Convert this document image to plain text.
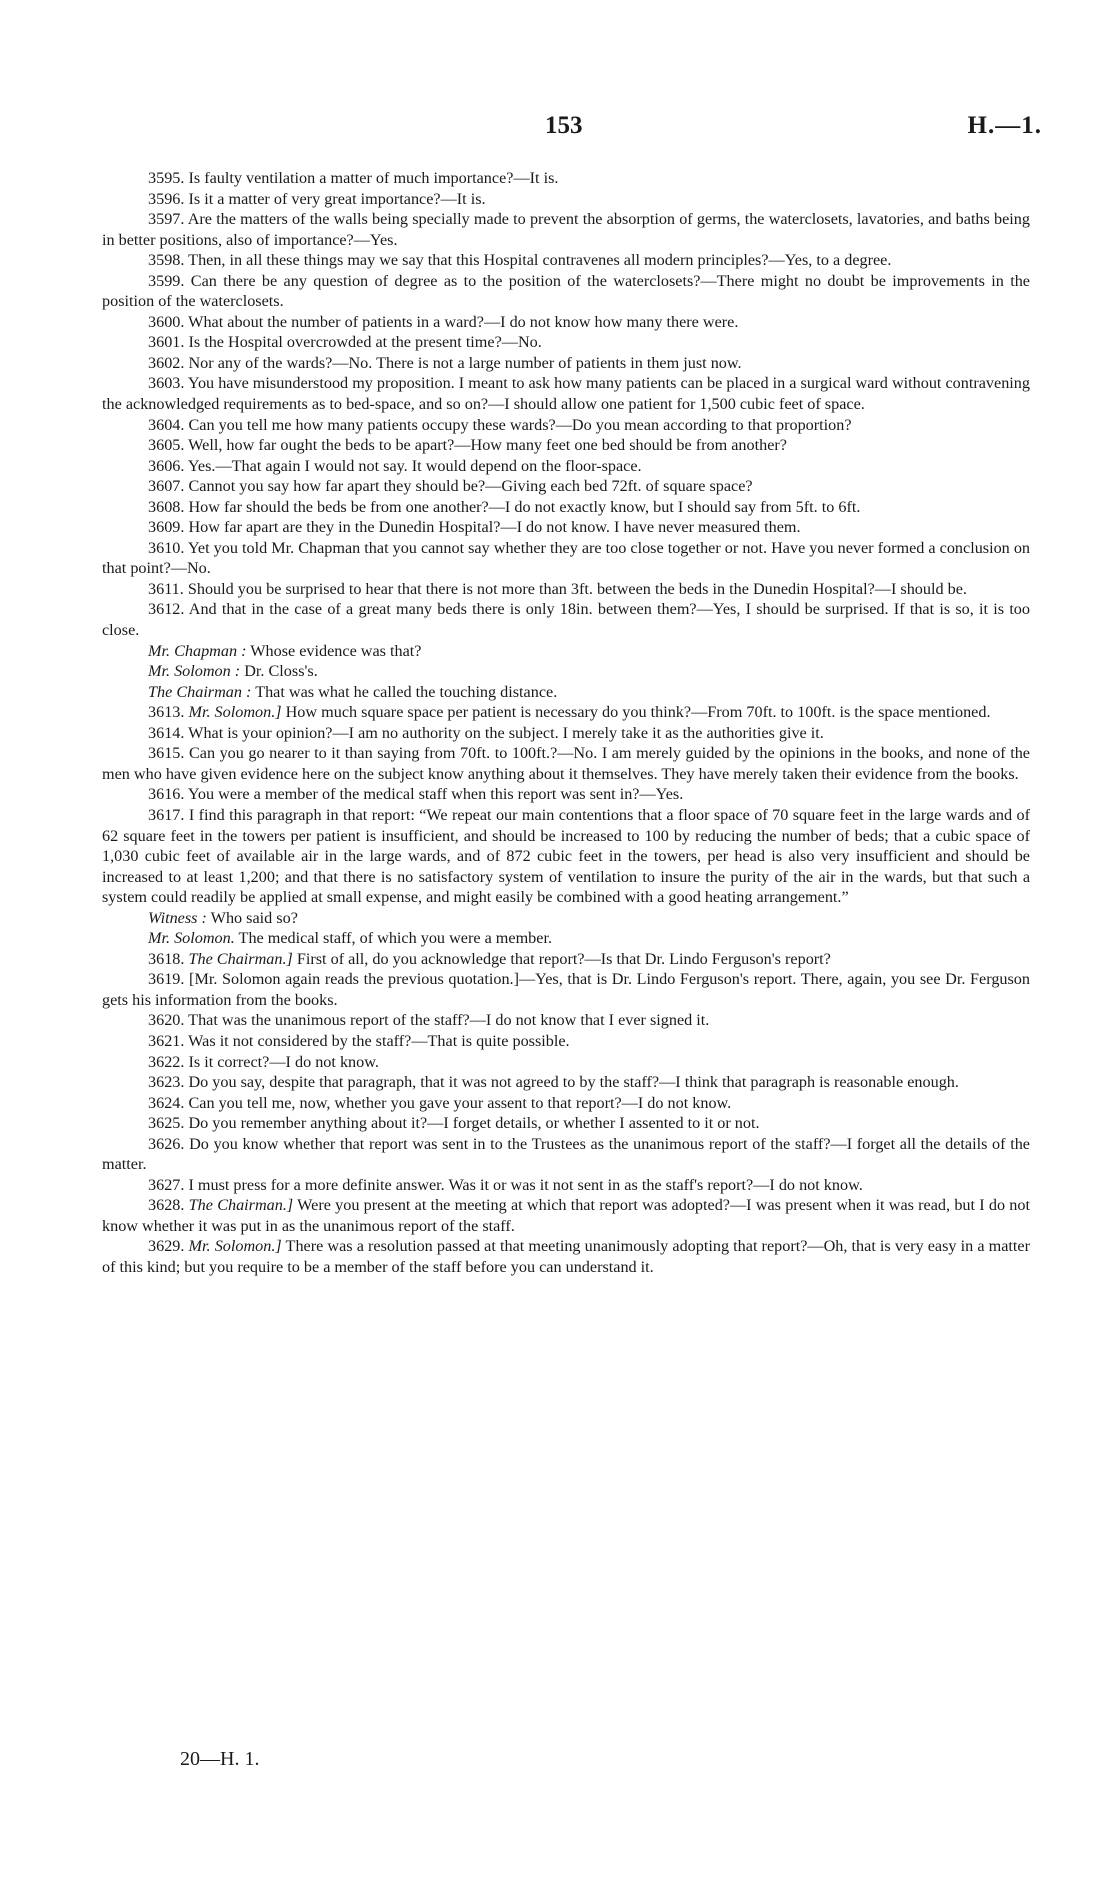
153	H.—1.

3595. Is faulty ventilation a matter of much importance?—It is.

3596. Is it a matter of very great importance?—It is.

3597. Are the matters of the walls being specially made to prevent the absorption of germs, the waterclosets, lavatories, and baths being in better positions, also of importance?—Yes.

3598. Then, in all these things may we say that this Hospital contravenes all modern principles?—Yes, to a degree.

3599. Can there be any question of degree as to the position of the waterclosets?—There might no doubt be improvements in the position of the waterclosets.

3600. What about the number of patients in a ward?—I do not know how many there were.

3601. Is the Hospital overcrowded at the present time?—No.

3602. Nor any of the wards?—No. There is not a large number of patients in them just now.

3603. You have misunderstood my proposition. I meant to ask how many patients can be placed in a surgical ward without contravening the acknowledged requirements as to bed-space, and so on?—I should allow one patient for 1,500 cubic feet of space.

3604. Can you tell me how many patients occupy these wards?—Do you mean according to that proportion?

3605. Well, how far ought the beds to be apart?—How many feet one bed should be from another?

3606. Yes.—That again I would not say. It would depend on the floor-space.

3607. Cannot you say how far apart they should be?—Giving each bed 72ft. of square space?

3608. How far should the beds be from one another?—I do not exactly know, but I should say from 5ft. to 6ft.

3609. How far apart are they in the Dunedin Hospital?—I do not know. I have never measured them.

3610. Yet you told Mr. Chapman that you cannot say whether they are too close together or not. Have you never formed a conclusion on that point?—No.

3611. Should you be surprised to hear that there is not more than 3ft. between the beds in the Dunedin Hospital?—I should be.

3612. And that in the case of a great many beds there is only 18in. between them?—Yes, I should be surprised. If that is so, it is too close.

Mr. Chapman : Whose evidence was that?

Mr. Solomon : Dr. Closs's.

The Chairman : That was what he called the touching distance.

3613. Mr. Solomon.] How much square space per patient is necessary do you think?—From 70ft. to 100ft. is the space mentioned.

3614. What is your opinion?—I am no authority on the subject. I merely take it as the authorities give it.

3615. Can you go nearer to it than saying from 70ft. to 100ft.?—No. I am merely guided by the opinions in the books, and none of the men who have given evidence here on the subject know anything about it themselves. They have merely taken their evidence from the books.

3616. You were a member of the medical staff when this report was sent in?—Yes.

3617. I find this paragraph in that report: “We repeat our main contentions that a floor space of 70 square feet in the large wards and of 62 square feet in the towers per patient is insufficient, and should be increased to 100 by reducing the number of beds; that a cubic space of 1,030 cubic feet of available air in the large wards, and of 872 cubic feet in the towers, per head is also very insufficient and should be increased to at least 1,200; and that there is no satisfactory system of ventilation to insure the purity of the air in the wards, but that such a system could readily be applied at small expense, and might easily be combined with a good heating arrangement.”

Witness : Who said so?

Mr. Solomon. The medical staff, of which you were a member.

3618. The Chairman.] First of all, do you acknowledge that report?—Is that Dr. Lindo Ferguson's report?

3619. [Mr. Solomon again reads the previous quotation.]—Yes, that is Dr. Lindo Ferguson's report. There, again, you see Dr. Ferguson gets his information from the books.

3620. That was the unanimous report of the staff?—I do not know that I ever signed it.

3621. Was it not considered by the staff?—That is quite possible.

3622. Is it correct?—I do not know.

3623. Do you say, despite that paragraph, that it was not agreed to by the staff?—I think that paragraph is reasonable enough.

3624. Can you tell me, now, whether you gave your assent to that report?—I do not know.

3625. Do you remember anything about it?—I forget details, or whether I assented to it or not.

3626. Do you know whether that report was sent in to the Trustees as the unanimous report of the staff?—I forget all the details of the matter.

3627. I must press for a more definite answer. Was it or was it not sent in as the staff's report?—I do not know.

3628. The Chairman.] Were you present at the meeting at which that report was adopted?—I was present when it was read, but I do not know whether it was put in as the unanimous report of the staff.

3629. Mr. Solomon.] There was a resolution passed at that meeting unanimously adopting that report?—Oh, that is very easy in a matter of this kind; but you require to be a member of the staff before you can understand it.

20—H. 1.
